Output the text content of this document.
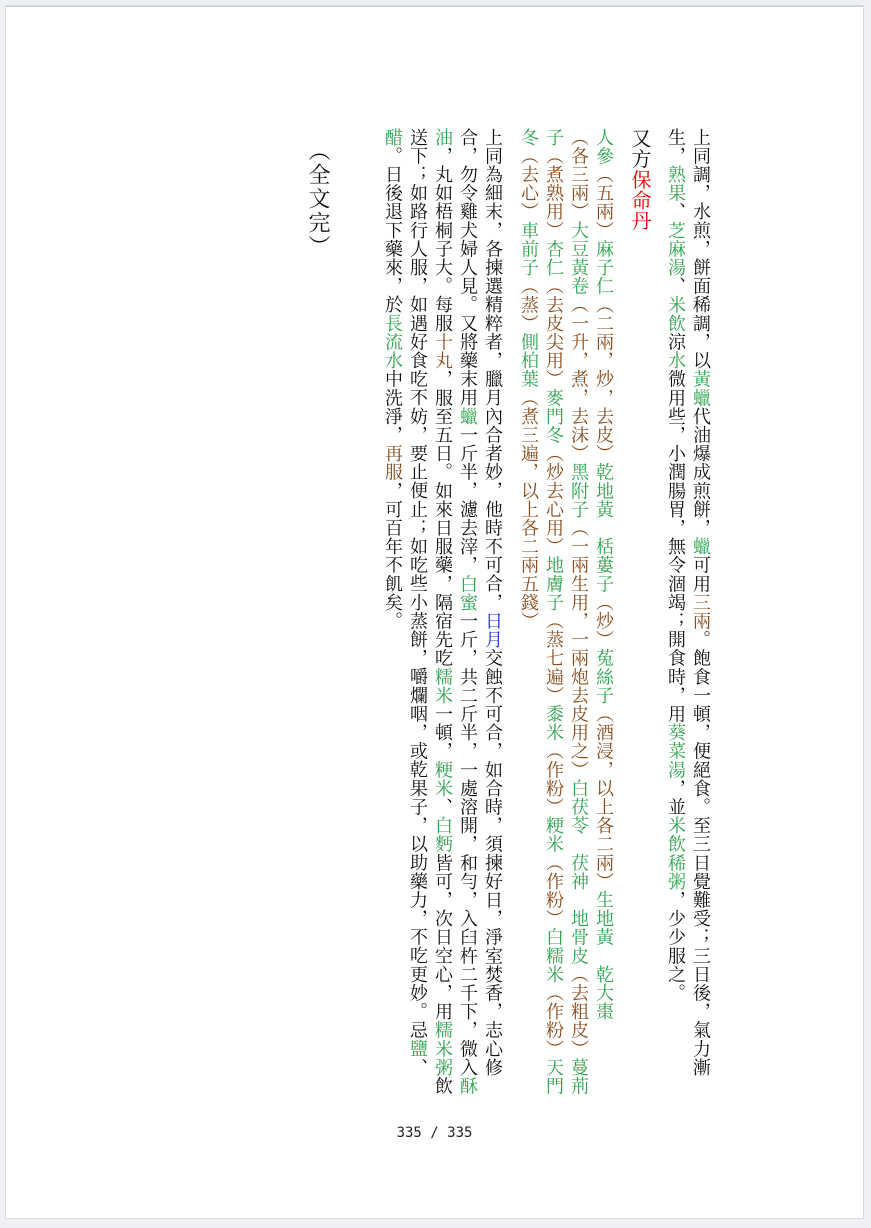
上同調，水煎，餅面稀調，以黃蠟代油爆成煎餅，蠟可用三兩。飽食一頓，便絕食。至三日覺難受；三日後，氣力漸生，熟果、芝麻湯、米飲涼水微用些，小潤腸胃，無令涸竭；開食時，用葵菜湯，並米飲稀粥，少少服之。
又方保命丹
人參（五兩）麻子仁（二兩，炒，去皮）乾地黃　栝蔞子（炒）菟絲子（酒浸，以上各二兩）生地黃　乾大棗（各三兩）大豆黃卷（一升，煮，去沫）黑附子（一兩生用，一兩炮去皮用之）白茯苓　茯神　地骨皮（去粗皮）蔓荊子（煮熟用）杏仁（去皮尖用）麥門冬（炒去心用）地膚子（蒸七遍）黍米（作粉）粳米（作粉）白糯米（作粉）天門冬（去心）車前子（蒸）側柏葉（煮三遍，以上各二兩五錢）
上同為細末，各揀選精粹者，臘月內合者妙，他時不可合，日月交蝕不可合，如合時，須揀好日，淨室焚香，志心修合，勿令雞犬婦人見。又將藥末用蠟一斤半，濾去滓，白蜜一斤，共二斤半，一處溶開，和勻，入臼杵二千下，微入酥油，丸如梧桐子大。每服十丸，服至五日。如來日服藥，隔宿先吃糯米一頓，粳米、白麪皆可，次日空心，用糯米粥飲送下；如路行人服，如遇好食吃不妨，要止便止；如吃些小蒸餅，嚼爛咽，或乾果子，以助藥力，不吃更妙。忌鹽、醋。日後退下藥來，於長流水中洗淨，再服，可百年不飢矣。
（全文完）
335 / 335
